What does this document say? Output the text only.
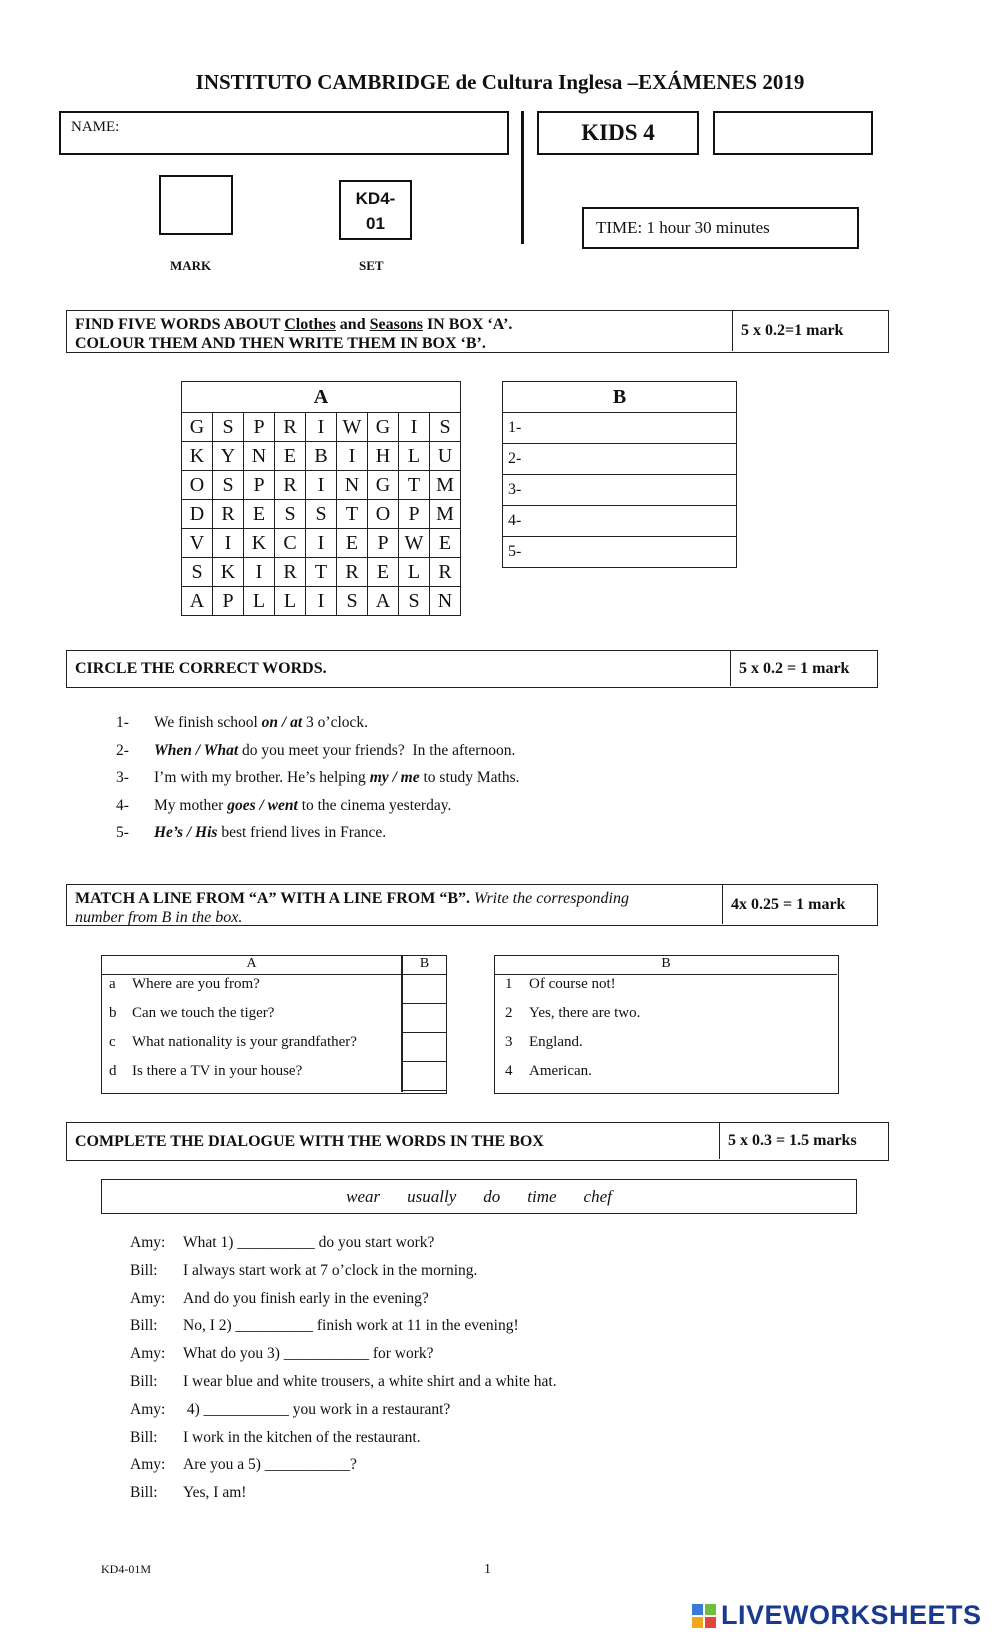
INSTITUTO CAMBRIDGE de Cultura Inglesa –EXÁMENES 2019
NAME:	KIDS 4
MARK
KD4-
01
SET
TIME: 1 hour 30 minutes
FIND FIVE WORDS ABOUT Clothes and Seasons IN BOX ‘A’.
COLOUR THEM AND THEN WRITE THEM IN BOX ‘B’.
5 x 0.2=1 mark
A								
G	S	P	R	I	W	G	I	S
K	Y	N	E	B	I	H	L	U
O	S	P	R	I	N	G	T	M
D	R	E	S	S	T	O	P	M
V	I	K	C	I	E	P	W	E
S	K	I	R	T	R	E	L	R
A	P	L	L	I	S	A	S	N
B
1-
2-
3-
4-
5-
CIRCLE THE CORRECT WORDS.	5 x 0.2 = 1 mark
1- We finish school on / at 3 o’clock.
2- When / What do you meet your friends?  In the afternoon.
3- I’m with my brother. He’s helping my / me to study Maths.
4- My mother goes / went to the cinema yesterday.
5- He’s / His best friend lives in France.
MATCH A LINE FROM “A” WITH A LINE FROM “B”. Write the corresponding
number from B in the box.
4x 0.25 = 1 mark
A	B
a Where are you from?
b Can we touch the tiger?
c What nationality is your grandfather?
d Is there a TV in your house?
B
1 Of course not!
2 Yes, there are two.
3 England.
4 American.
COMPLETE THE DIALOGUE WITH THE WORDS IN THE BOX	5 x 0.3 = 1.5 marks
wear usually do time chef
Amy: What 1) __________ do you start work?
Bill: I always start work at 7 o’clock in the morning.
Amy: And do you finish early in the evening?
Bill: No, I 2) __________ finish work at 11 in the evening!
Amy: What do you 3) ___________ for work?
Bill: I wear blue and white trousers, a white shirt and a white hat.
Amy: 4) ___________ you work in a restaurant?
Bill: I work in the kitchen of the restaurant.
Amy: Are you a 5) ___________?
Bill: Yes, I am!
KD4-01M	1
LIVEWORKSHEETS
